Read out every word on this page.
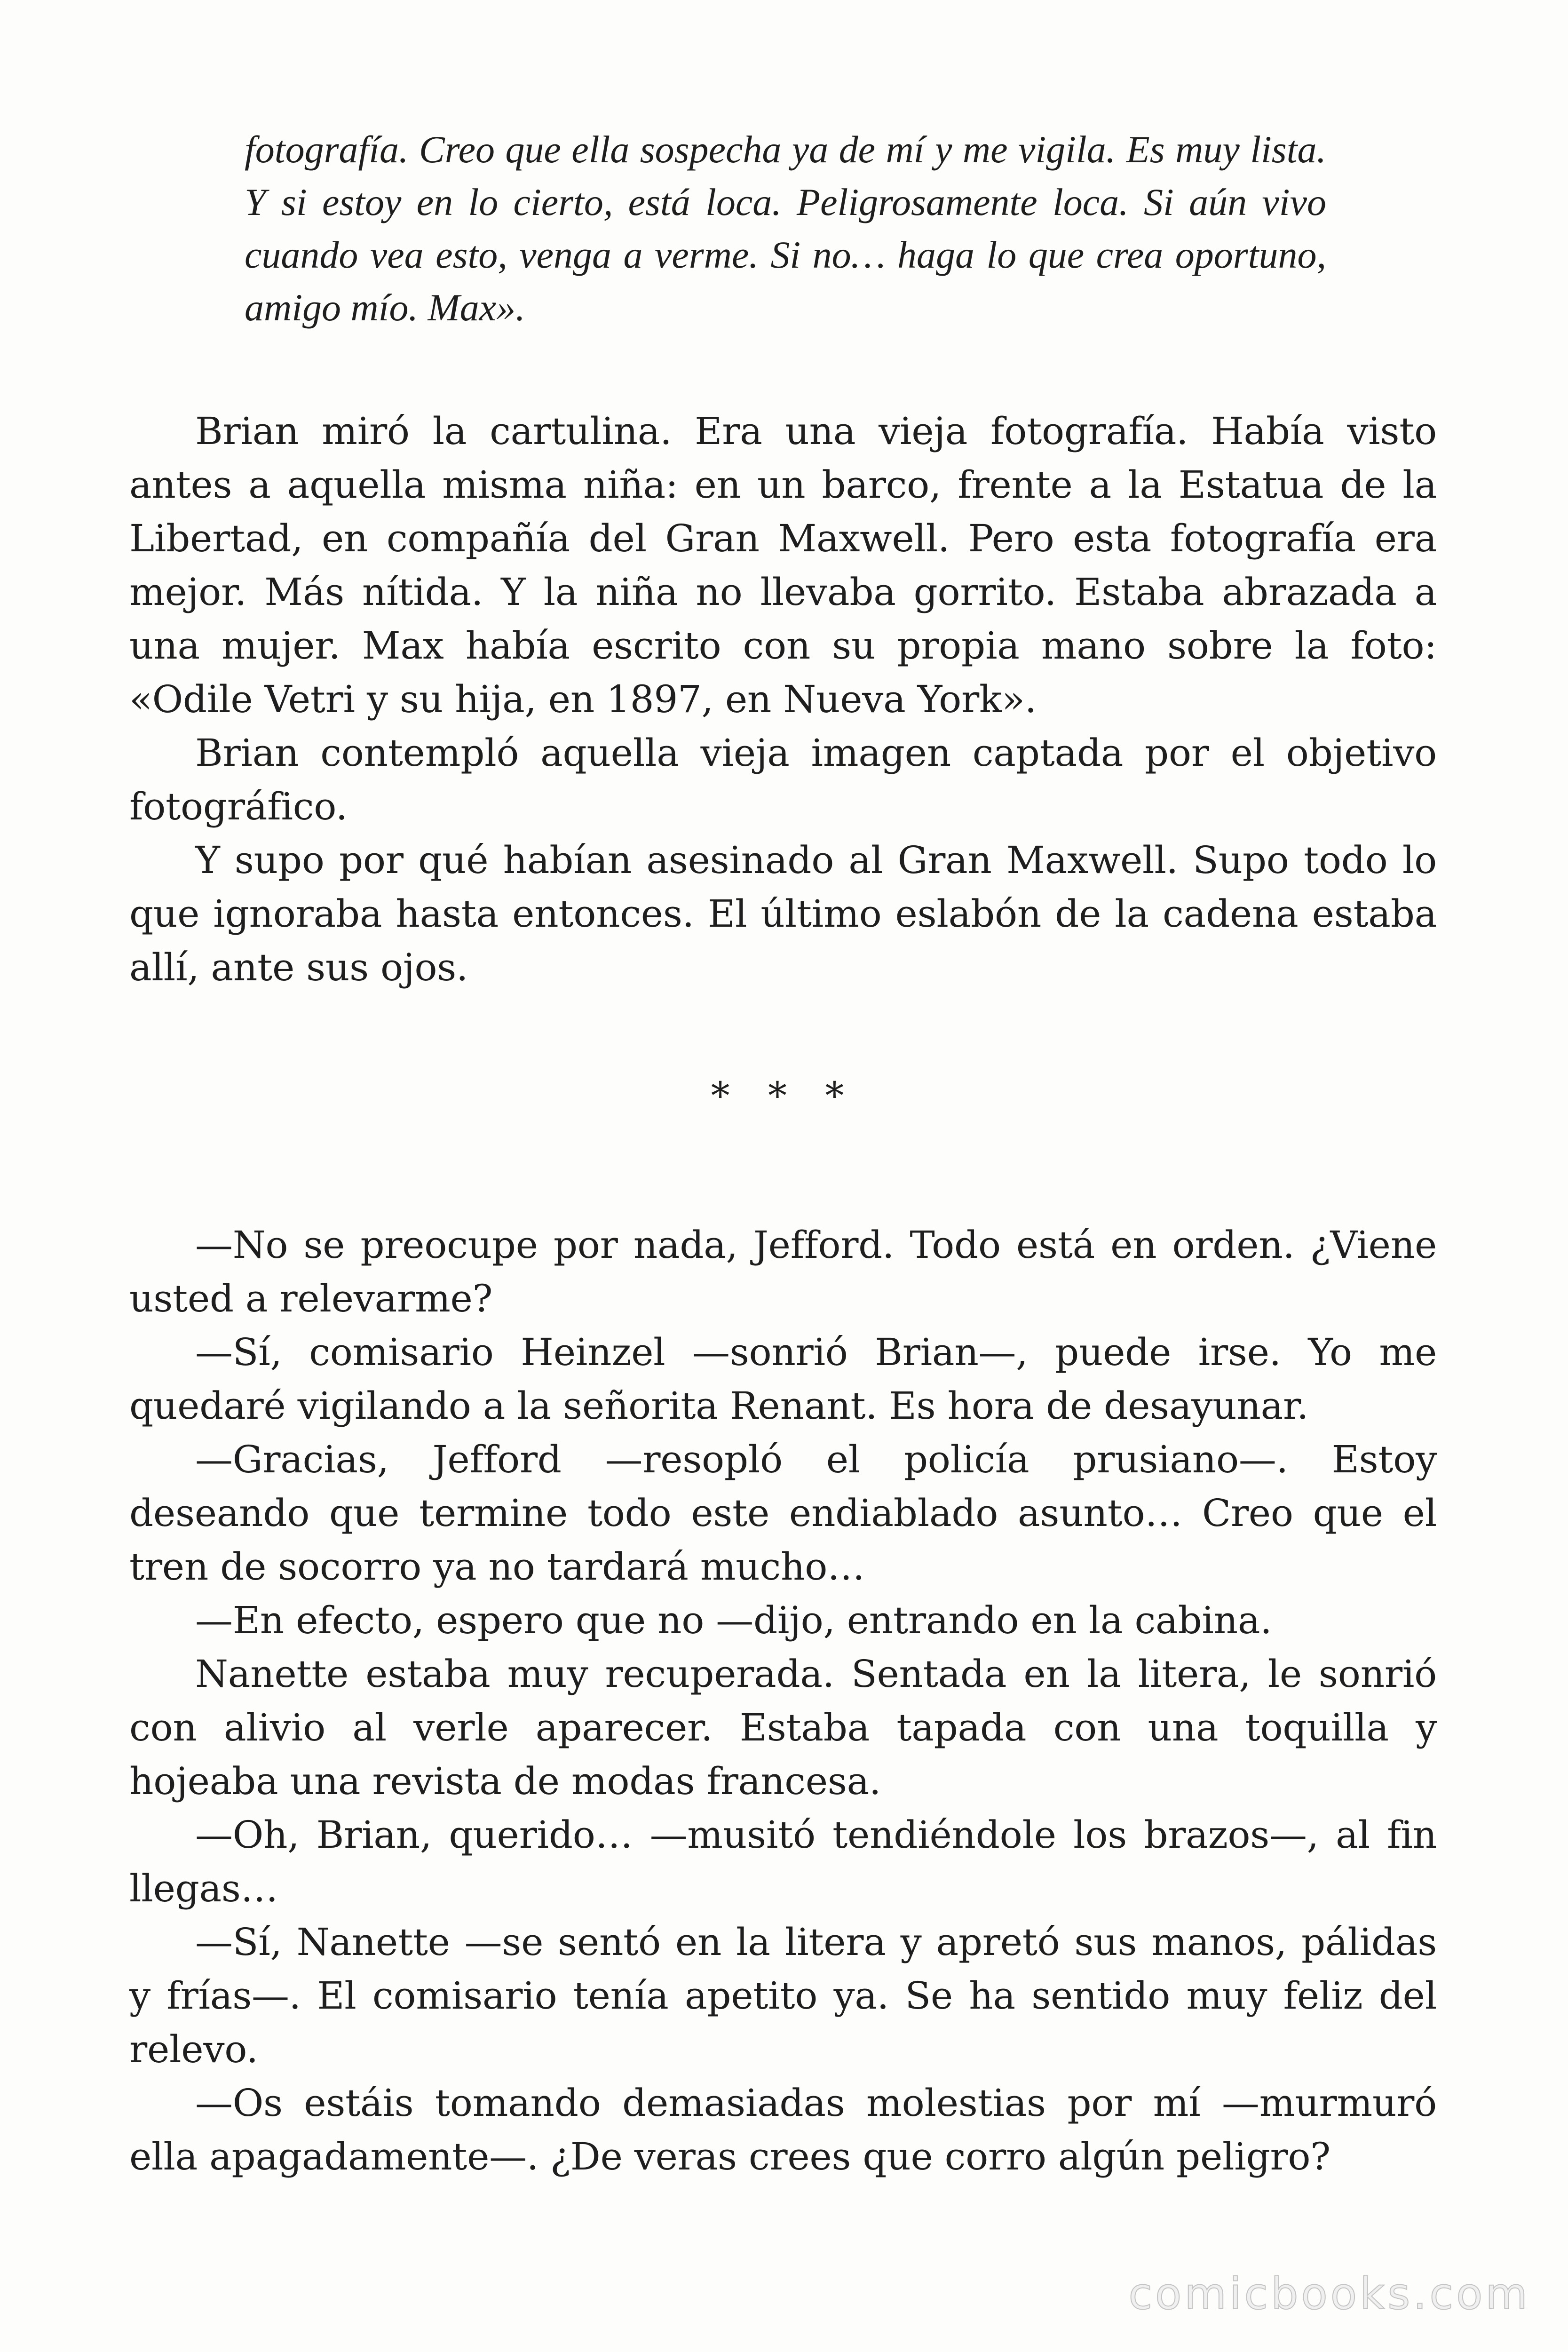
fotografía. Creo que ella sospecha ya de mí y me vigila. Es muy lista. Y si estoy en lo cierto, está loca. Peligrosamente loca. Si aún vivo cuando vea esto, venga a verme. Si no… haga lo que crea oportuno, amigo mío. Max».

Brian miró la cartulina. Era una vieja fotografía. Había visto antes a aquella misma niña: en un barco, frente a la Estatua de la Libertad, en compañía del Gran Maxwell. Pero esta fotografía era mejor. Más nítida. Y la niña no llevaba gorrito. Estaba abrazada a una mujer. Max había escrito con su propia mano sobre la foto: «Odile Vetri y su hija, en 1897, en Nueva York».

Brian contempló aquella vieja imagen captada por el objetivo fotográfico.

Y supo por qué habían asesinado al Gran Maxwell. Supo todo lo que ignoraba hasta entonces. El último eslabón de la cadena estaba allí, ante sus ojos.

* * *

—No se preocupe por nada, Jefford. Todo está en orden. ¿Viene usted a relevarme?

—Sí, comisario Heinzel —sonrió Brian—, puede irse. Yo me quedaré vigilando a la señorita Renant. Es hora de desayunar.

—Gracias, Jefford —resopló el policía prusiano—. Estoy deseando que termine todo este endiablado asunto… Creo que el tren de socorro ya no tardará mucho…

—En efecto, espero que no —dijo, entrando en la cabina.

Nanette estaba muy recuperada. Sentada en la litera, le sonrió con alivio al verle aparecer. Estaba tapada con una toquilla y hojeaba una revista de modas francesa.

—Oh, Brian, querido… —musitó tendiéndole los brazos—, al fin llegas…

—Sí, Nanette —se sentó en la litera y apretó sus manos, pálidas y frías—. El comisario tenía apetito ya. Se ha sentido muy feliz del relevo.

—Os estáis tomando demasiadas molestias por mí —murmuró ella apagadamente—. ¿De veras crees que corro algún peligro?

comicbooks.com
